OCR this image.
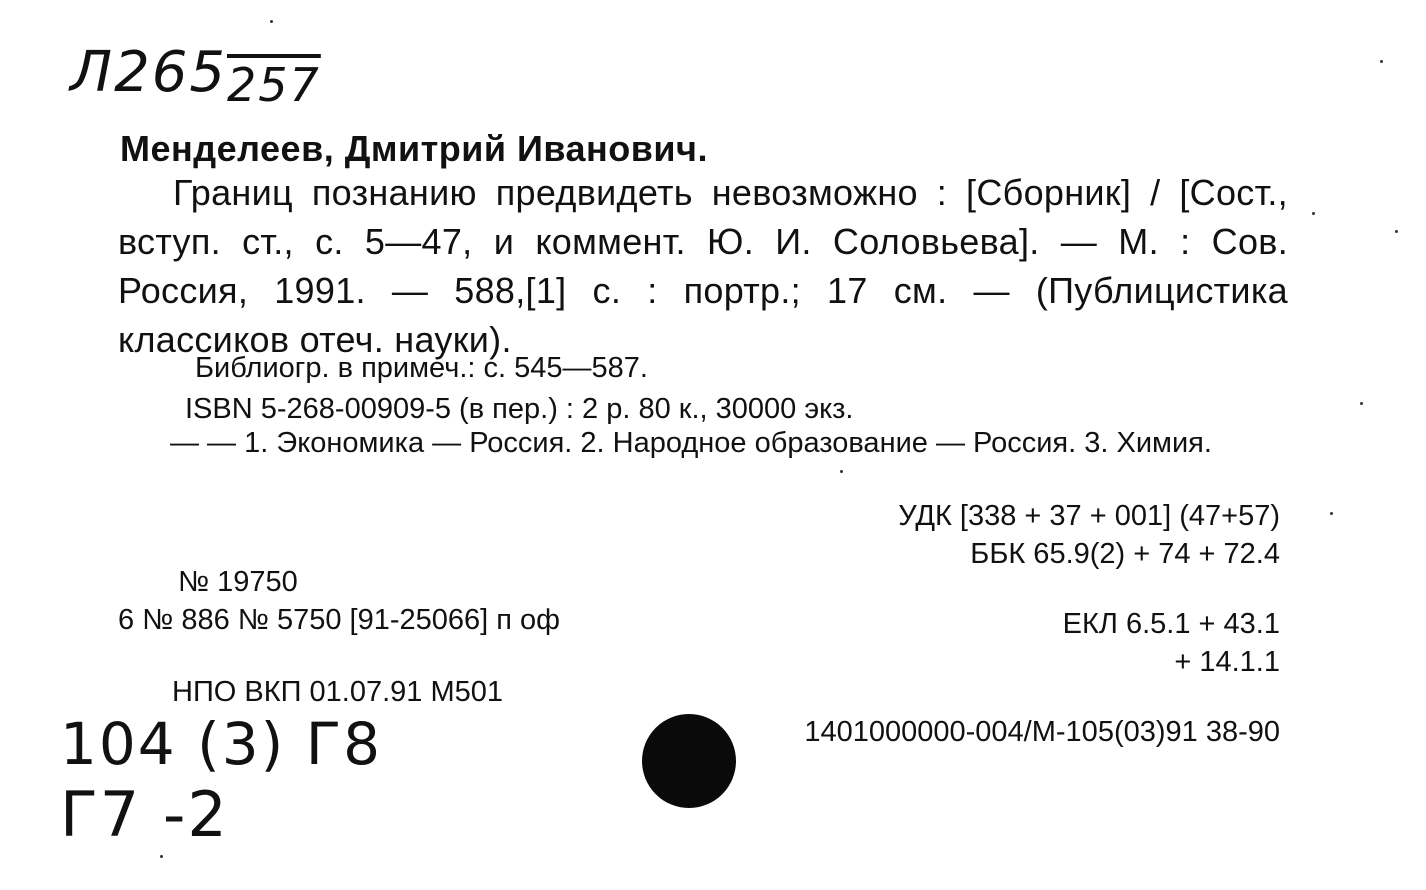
Л265257
Менделеев, Дмитрий Иванович.
Границ познанию предвидеть невозможно : [Сборник] / [Сост., вступ. ст., с. 5—47, и коммент. Ю. И. Соловьева]. — М. : Сов. Россия, 1991. — 588,[1] с. : портр.; 17 см. — (Публицистика классиков отеч. науки).
Библиогр. в примеч.: с. 545—587.
ISBN 5-268-00909-5 (в пер.) : 2 р. 80 к., 30000 экз.
— — 1. Экономика — Россия. 2. Народное образование — Россия. 3. Химия.
УДК [338 + 37 + 001] (47+57)
ББК 65.9(2) + 74 + 72.4
№ 19750
6 № 886 № 5750 [91-25066] п оф	ЕКЛ 6.5.1 + 43.1
+ 14.1.1
НПО ВКП 01.07.91 М501
1401000000-004/М-105(03)91 38-90
104 (3) Г8
Г7 -2
